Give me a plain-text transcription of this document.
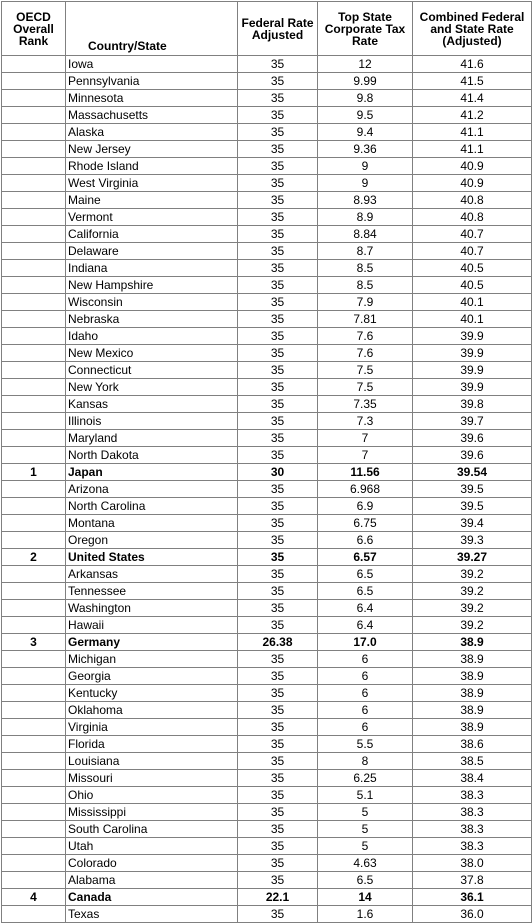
OECD Overall Rank	Country/State	Federal Rate Adjusted	Top State Corporate Tax Rate	Combined Federal and State Rate (Adjusted)
	Iowa	35	12	41.6
	Pennsylvania	35	9.99	41.5
	Minnesota	35	9.8	41.4
	Massachusetts	35	9.5	41.2
	Alaska	35	9.4	41.1
	New Jersey	35	9.36	41.1
	Rhode Island	35	9	40.9
	West Virginia	35	9	40.9
	Maine	35	8.93	40.8
	Vermont	35	8.9	40.8
	California	35	8.84	40.7
	Delaware	35	8.7	40.7
	Indiana	35	8.5	40.5
	New Hampshire	35	8.5	40.5
	Wisconsin	35	7.9	40.1
	Nebraska	35	7.81	40.1
	Idaho	35	7.6	39.9
	New Mexico	35	7.6	39.9
	Connecticut	35	7.5	39.9
	New York	35	7.5	39.9
	Kansas	35	7.35	39.8
	Illinois	35	7.3	39.7
	Maryland	35	7	39.6
	North Dakota	35	7	39.6
1	Japan	30	11.56	39.54
	Arizona	35	6.968	39.5
	North Carolina	35	6.9	39.5
	Montana	35	6.75	39.4
	Oregon	35	6.6	39.3
2	United States	35	6.57	39.27
	Arkansas	35	6.5	39.2
	Tennessee	35	6.5	39.2
	Washington	35	6.4	39.2
	Hawaii	35	6.4	39.2
3	Germany	26.38	17.0	38.9
	Michigan	35	6	38.9
	Georgia	35	6	38.9
	Kentucky	35	6	38.9
	Oklahoma	35	6	38.9
	Virginia	35	6	38.9
	Florida	35	5.5	38.6
	Louisiana	35	8	38.5
	Missouri	35	6.25	38.4
	Ohio	35	5.1	38.3
	Mississippi	35	5	38.3
	South Carolina	35	5	38.3
	Utah	35	5	38.3
	Colorado	35	4.63	38.0
	Alabama	35	6.5	37.8
4	Canada	22.1	14	36.1
	Texas	35	1.6	36.0
